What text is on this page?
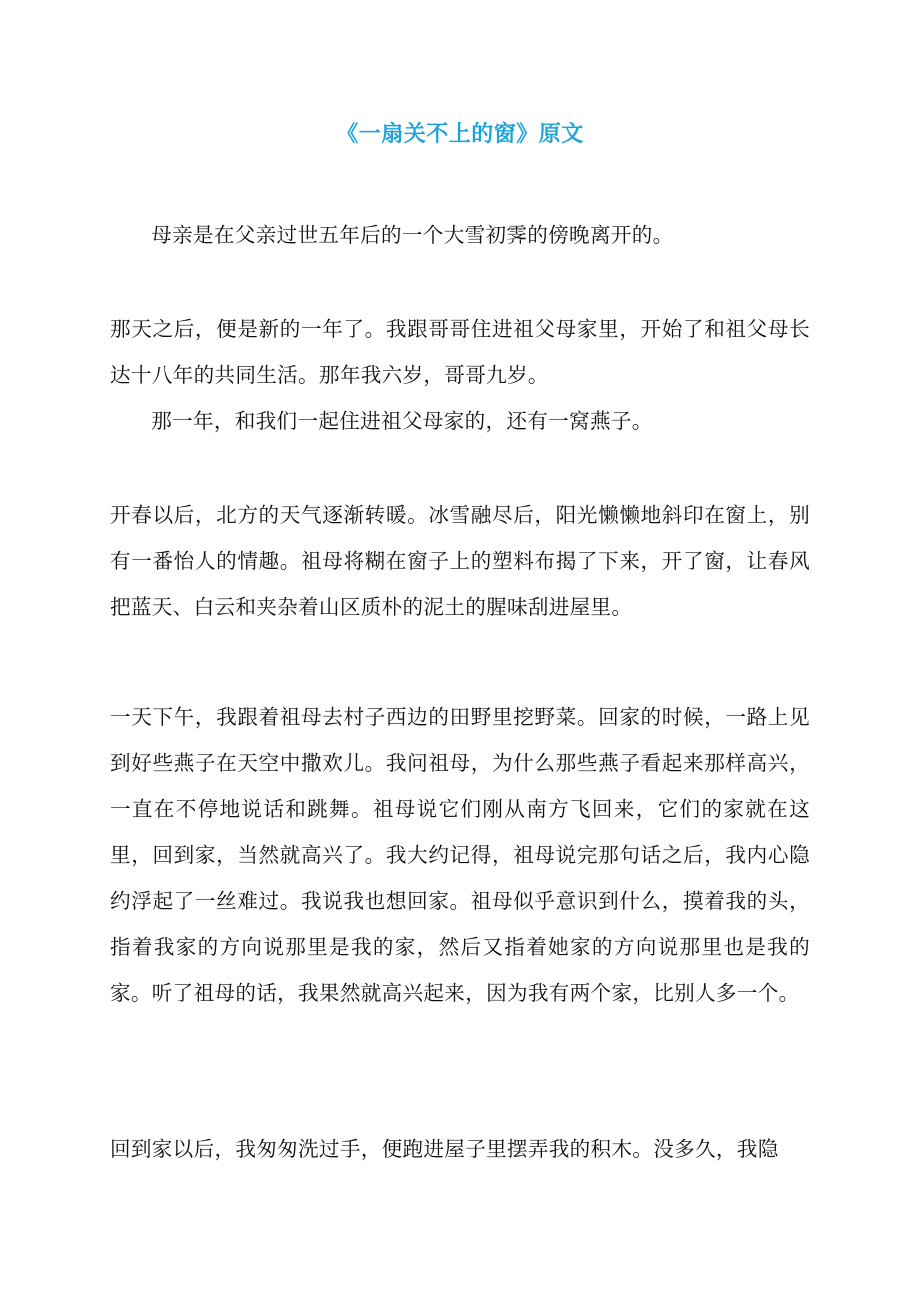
《一扇关不上的窗》原文

母亲是在父亲过世五年后的一个大雪初霁的傍晚离开的。

那天之后，便是新的一年了。我跟哥哥住进祖父母家里，开始了和祖父母长达十八年的共同生活。那年我六岁，哥哥九岁。

那一年，和我们一起住进祖父母家的，还有一窝燕子。

开春以后，北方的天气逐渐转暖。冰雪融尽后，阳光懒懒地斜印在窗上，别有一番怡人的情趣。祖母将糊在窗子上的塑料布揭了下来，开了窗，让春风把蓝天、白云和夹杂着山区质朴的泥土的腥味刮进屋里。

一天下午，我跟着祖母去村子西边的田野里挖野菜。回家的时候，一路上见到好些燕子在天空中撒欢儿。我问祖母，为什么那些燕子看起来那样高兴，一直在不停地说话和跳舞。祖母说它们刚从南方飞回来，它们的家就在这里，回到家，当然就高兴了。我大约记得，祖母说完那句话之后，我内心隐约浮起了一丝难过。我说我也想回家。祖母似乎意识到什么，摸着我的头，指着我家的方向说那里是我的家，然后又指着她家的方向说那里也是我的家。听了祖母的话，我果然就高兴起来，因为我有两个家，比别人多一个。

回到家以后，我匆匆洗过手，便跑进屋子里摆弄我的积木。没多久，我隐
